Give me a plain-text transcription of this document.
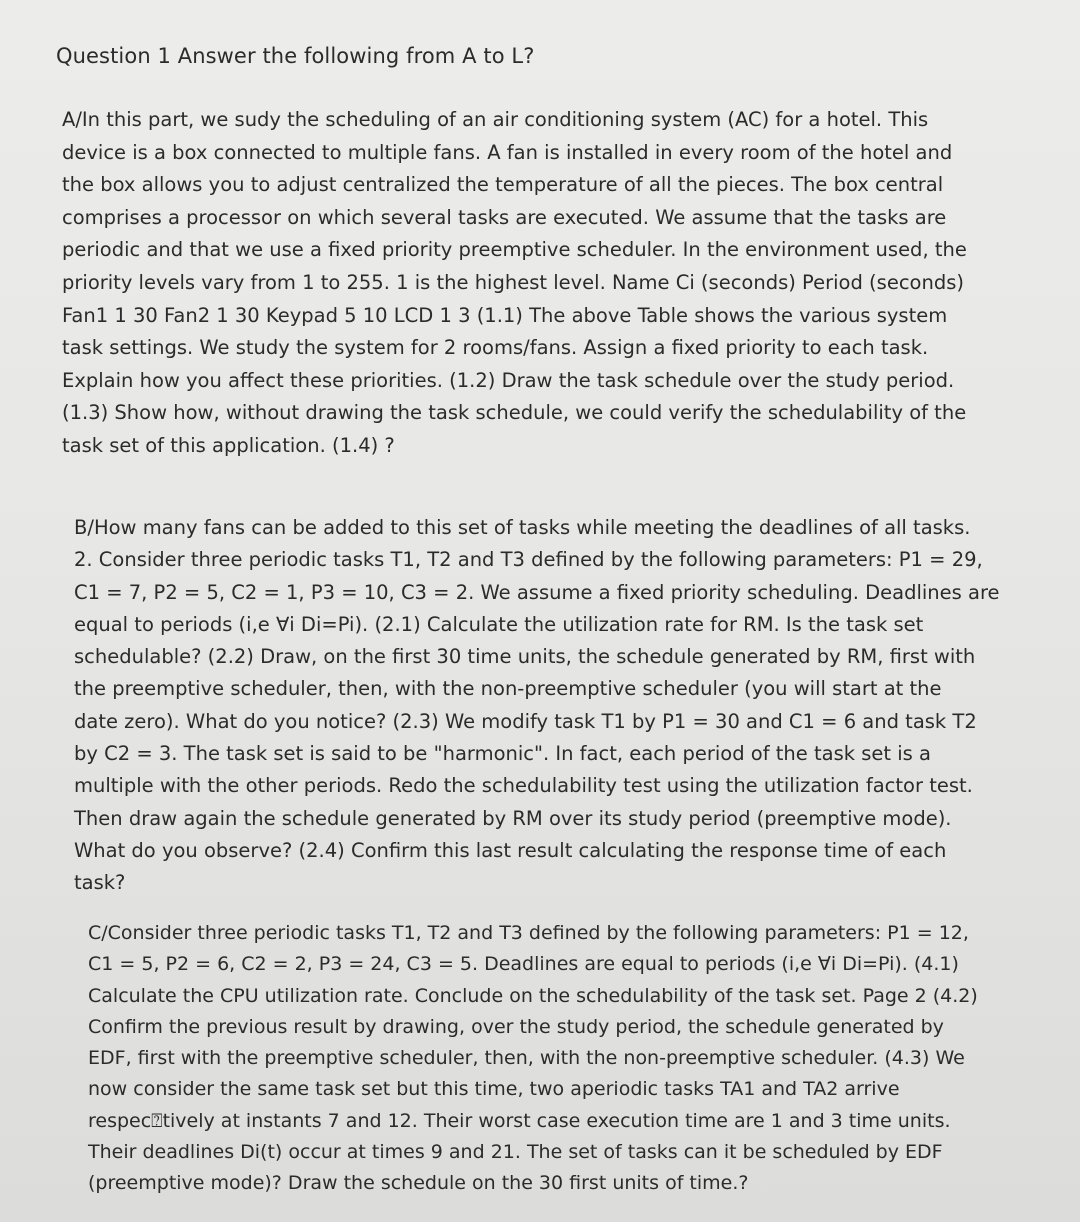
Question 1 Answer the following from A to L?
A/In this part, we sudy the scheduling of an air conditioning system (AC) for a hotel. This
device is a box connected to multiple fans. A fan is installed in every room of the hotel and
the box allows you to adjust centralized the temperature of all the pieces. The box central
comprises a processor on which several tasks are executed. We assume that the tasks are
periodic and that we use a fixed priority preemptive scheduler. In the environment used, the
priority levels vary from 1 to 255. 1 is the highest level. Name Ci (seconds) Period (seconds)
Fan1 1 30 Fan2 1 30 Keypad 5 10 LCD 1 3 (1.1) The above Table shows the various system
task settings. We study the system for 2 rooms/fans. Assign a fixed priority to each task.
Explain how you affect these priorities. (1.2) Draw the task schedule over the study period.
(1.3) Show how, without drawing the task schedule, we could verify the schedulability of the
task set of this application. (1.4) ?
B/How many fans can be added to this set of tasks while meeting the deadlines of all tasks.
2. Consider three periodic tasks T1, T2 and T3 defined by the following parameters: P1 = 29,
C1 = 7, P2 = 5, C2 = 1, P3 = 10, C3 = 2. We assume a fixed priority scheduling. Deadlines are
equal to periods (i,e ∀i Di=Pi). (2.1) Calculate the utilization rate for RM. Is the task set
schedulable? (2.2) Draw, on the first 30 time units, the schedule generated by RM, first with
the preemptive scheduler, then, with the non-preemptive scheduler (you will start at the
date zero). What do you notice? (2.3) We modify task T1 by P1 = 30 and C1 = 6 and task T2
by C2 = 3. The task set is said to be "harmonic". In fact, each period of the task set is a
multiple with the other periods. Redo the schedulability test using the utilization factor test.
Then draw again the schedule generated by RM over its study period (preemptive mode).
What do you observe? (2.4) Confirm this last result calculating the response time of each
task?
C/Consider three periodic tasks T1, T2 and T3 defined by the following parameters: P1 = 12,
C1 = 5, P2 = 6, C2 = 2, P3 = 24, C3 = 5. Deadlines are equal to periods (i,e ∀i Di=Pi). (4.1)
Calculate the CPU utilization rate. Conclude on the schedulability of the task set. Page 2 (4.2)
Confirm the previous result by drawing, over the study period, the schedule generated by
EDF, first with the preemptive scheduler, then, with the non-preemptive scheduler. (4.3) We
now consider the same task set but this time, two aperiodic tasks TA1 and TA2 arrive
respec⍰tively at instants 7 and 12. Their worst case execution time are 1 and 3 time units.
Their deadlines Di(t) occur at times 9 and 21. The set of tasks can it be scheduled by EDF
(preemptive mode)? Draw the schedule on the 30 first units of time.?
